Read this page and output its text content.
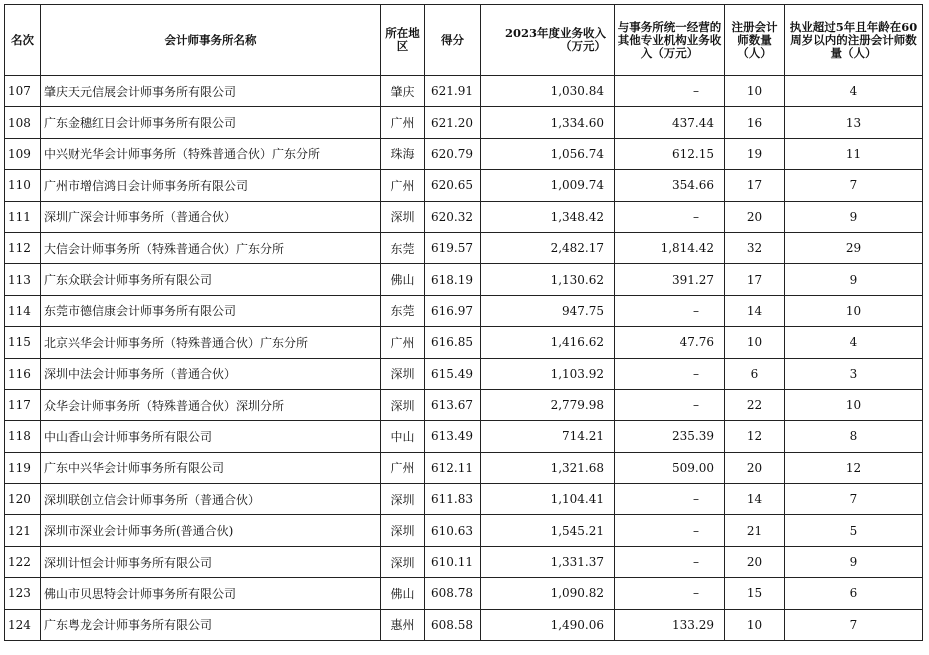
名次	会计师事务所名称	所在地区	得分	2023年度业务收入（万元）	与事务所统一经营的其他专业机构业务收入（万元）	注册会计师数量（人）	执业超过5年且年龄在60周岁以内的注册会计师数量（人）
107	肇庆天元信展会计师事务所有限公司	肇庆	621.91	1,030.84	–	10	4
108	广东金穗红日会计师事务所有限公司	广州	621.20	1,334.60	437.44	16	13
109	中兴财光华会计师事务所（特殊普通合伙）广东分所	珠海	620.79	1,056.74	612.15	19	11
110	广州市增信鸿日会计师事务所有限公司	广州	620.65	1,009.74	354.66	17	7
111	深圳广深会计师事务所（普通合伙）	深圳	620.32	1,348.42	–	20	9
112	大信会计师事务所（特殊普通合伙）广东分所	东莞	619.57	2,482.17	1,814.42	32	29
113	广东众联会计师事务所有限公司	佛山	618.19	1,130.62	391.27	17	9
114	东莞市德信康会计师事务所有限公司	东莞	616.97	947.75	–	14	10
115	北京兴华会计师事务所（特殊普通合伙）广东分所	广州	616.85	1,416.62	47.76	10	4
116	深圳中法会计师事务所（普通合伙）	深圳	615.49	1,103.92	–	6	3
117	众华会计师事务所（特殊普通合伙）深圳分所	深圳	613.67	2,779.98	–	22	10
118	中山香山会计师事务所有限公司	中山	613.49	714.21	235.39	12	8
119	广东中兴华会计师事务所有限公司	广州	612.11	1,321.68	509.00	20	12
120	深圳联创立信会计师事务所（普通合伙）	深圳	611.83	1,104.41	–	14	7
121	深圳市深业会计师事务所(普通合伙)	深圳	610.63	1,545.21	–	21	5
122	深圳计恒会计师事务所有限公司	深圳	610.11	1,331.37	–	20	9
123	佛山市贝思特会计师事务所有限公司	佛山	608.78	1,090.82	–	15	6
124	广东粤龙会计师事务所有限公司	惠州	608.58	1,490.06	133.29	10	7
